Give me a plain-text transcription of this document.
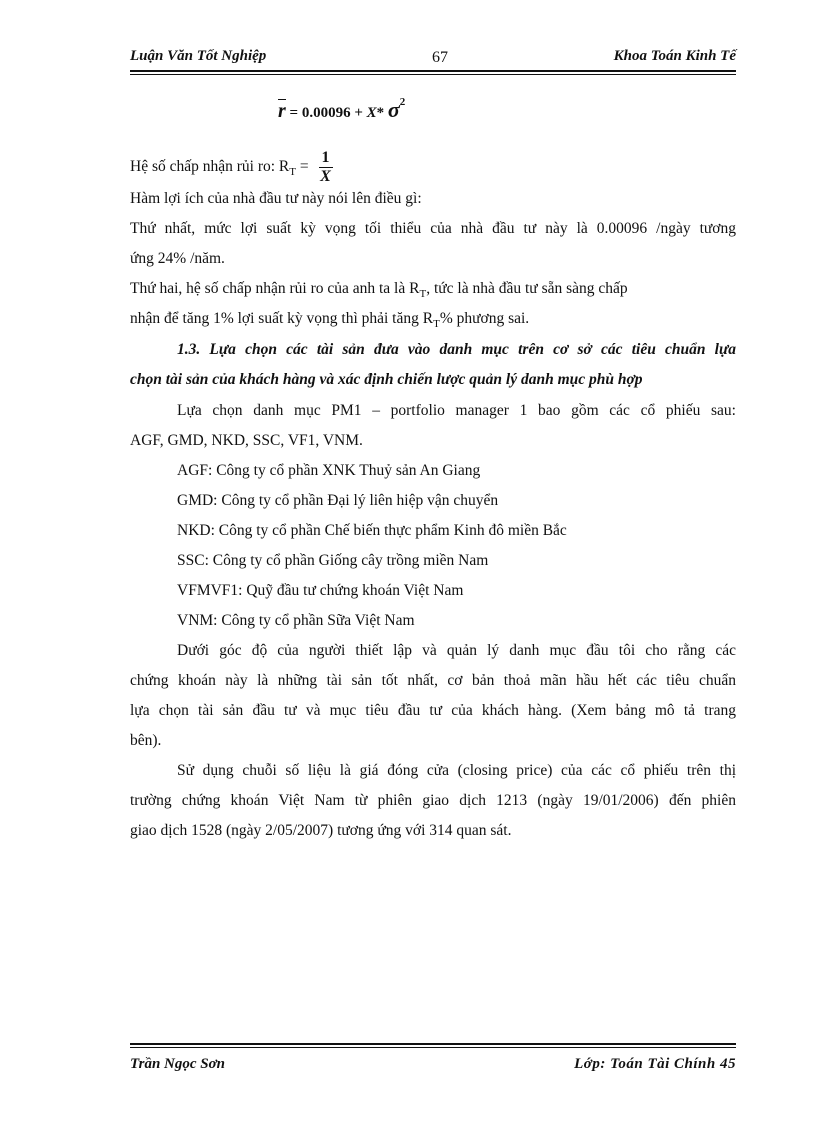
Luận Văn Tốt Nghiệp	67	Khoa Toán Kinh Tế
r = 0.00096 + X* $\sigma^2$
Hệ số chấp nhận rủi ro: $R_T = \frac{1}{X}$
Hàm lợi ích của nhà đầu tư này nói lên điều gì:
Thứ nhất, mức lợi suất kỳ vọng tối thiểu của nhà đầu tư này là 0.00096 /ngày tương
ứng 24% /năm.
Thứ hai, hệ số chấp nhận rủi ro của anh ta là $R_T$, tức là nhà đầu tư sẵn sàng chấp
nhận để tăng 1% lợi suất kỳ vọng thì phải tăng $R_T\%$ phương sai.
1.3. Lựa chọn các tài sản đưa vào danh mục trên cơ sở các tiêu chuẩn lựa
chọn tài sản của khách hàng và xác định chiến lược quản lý danh mục phù hợp
Lựa chọn danh mục PM1 – portfolio manager 1 bao gồm các cổ phiếu sau:
AGF, GMD, NKD, SSC, VF1, VNM.
AGF: Công ty cổ phần XNK Thuỷ sản An Giang
GMD: Công ty cổ phần Đại lý liên hiệp vận chuyển
NKD: Công ty cổ phần Chế biến thực phẩm Kinh đô miền Bắc
SSC: Công ty cổ phần Giống cây trồng miền Nam
VFMVF1: Quỹ đầu tư chứng khoán Việt Nam
VNM: Công ty cổ phần Sữa Việt Nam
Dưới góc độ của người thiết lập và quản lý danh mục đầu tôi cho rằng các
chứng khoán này là những tài sản tốt nhất, cơ bản thoả mãn hầu hết các tiêu chuẩn
lựa chọn tài sản đầu tư và mục tiêu đầu tư của khách hàng. (Xem bảng mô tả trang
bên).
Sử dụng chuỗi số liệu là giá đóng cửa (closing price) của các cổ phiếu trên thị
trường chứng khoán Việt Nam từ phiên giao dịch 1213 (ngày 19/01/2006) đến phiên
giao dịch 1528 (ngày 2/05/2007) tương ứng với 314 quan sát.
Trần Ngọc Sơn	Lớp: Toán Tài Chính 45
